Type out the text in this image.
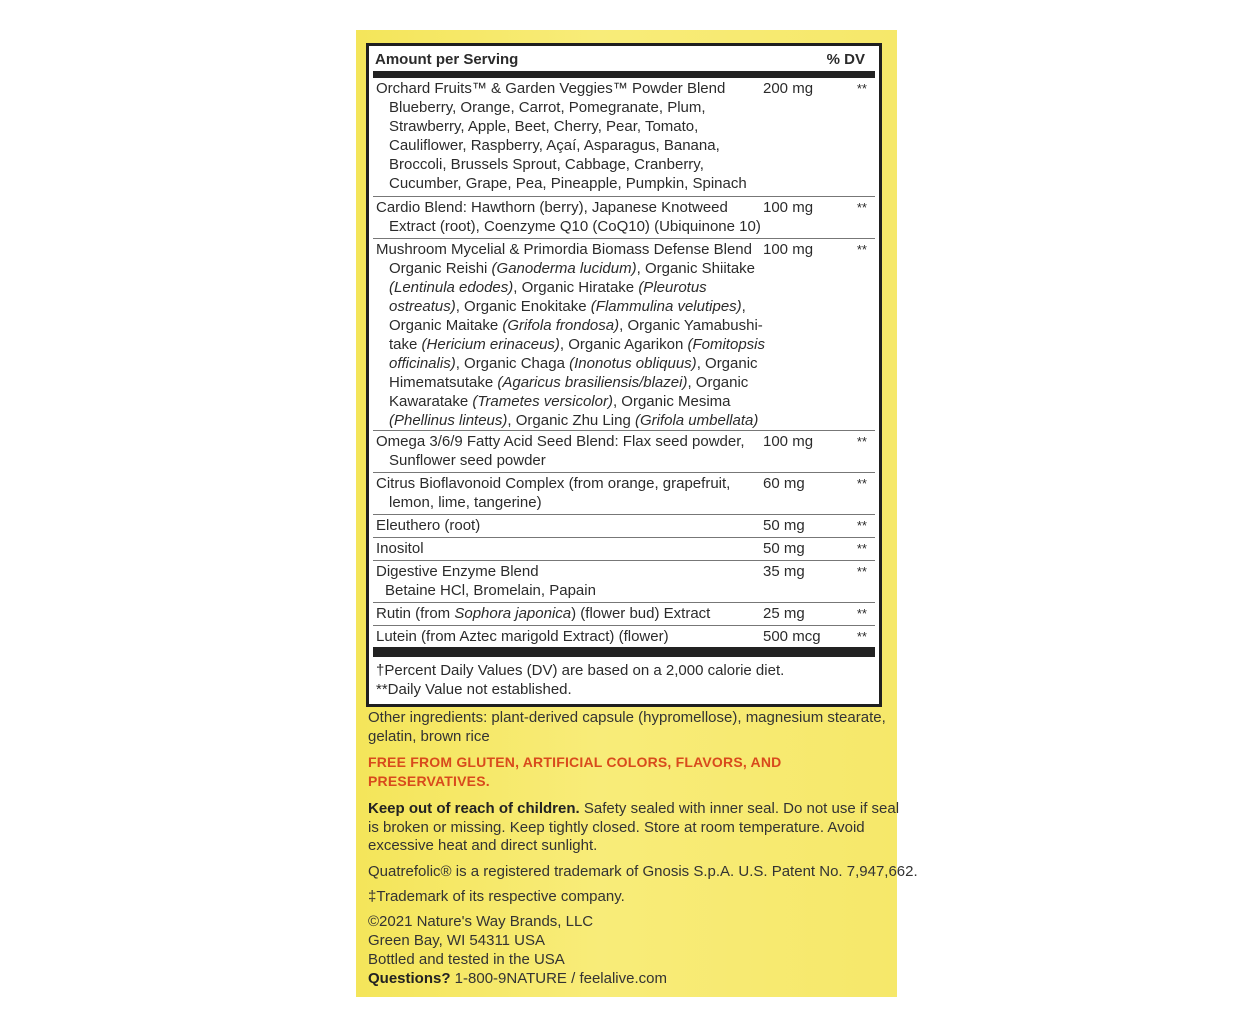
Amount per Serving	% DV
Orchard Fruits™ & Garden Veggies™ Powder Blend
Blueberry, Orange, Carrot, Pomegranate, Plum,
Strawberry, Apple, Beet, Cherry, Pear, Tomato,
Cauliflower, Raspberry, Açaí, Asparagus, Banana,
Broccoli, Brussels Sprout, Cabbage, Cranberry,
Cucumber, Grape, Pea, Pineapple, Pumpkin, Spinach
200 mg	**
Cardio Blend: Hawthorn (berry), Japanese Knotweed
Extract (root), Coenzyme Q10 (CoQ10) (Ubiquinone 10)
100 mg	**
Mushroom Mycelial & Primordia Biomass Defense Blend
Organic Reishi (Ganoderma lucidum), Organic Shiitake
(Lentinula edodes), Organic Hiratake (Pleurotus
ostreatus), Organic Enokitake (Flammulina velutipes),
Organic Maitake (Grifola frondosa), Organic Yamabushi-
take (Hericium erinaceus), Organic Agarikon (Fomitopsis
officinalis), Organic Chaga (Inonotus obliquus), Organic
Himematsutake (Agaricus brasiliensis/blazei), Organic
Kawaratake (Trametes versicolor), Organic Mesima
(Phellinus linteus), Organic Zhu Ling (Grifola umbellata)
100 mg	**
Omega 3/6/9 Fatty Acid Seed Blend: Flax seed powder,
Sunflower seed powder
100 mg	**
Citrus Bioflavonoid Complex (from orange, grapefruit,
lemon, lime, tangerine)
60 mg	**
Eleuthero (root)	50 mg	**
Inositol	50 mg	**
Digestive Enzyme Blend
Betaine HCl, Bromelain, Papain
35 mg	**
Rutin (from Sophora japonica) (flower bud) Extract	25 mg	**
Lutein (from Aztec marigold Extract) (flower)	500 mcg	**
†Percent Daily Values (DV) are based on a 2,000 calorie diet.
**Daily Value not established.
Other ingredients: plant-derived capsule (hypromellose), magnesium stearate,
gelatin, brown rice
FREE FROM GLUTEN, ARTIFICIAL COLORS, FLAVORS, AND
PRESERVATIVES.
Keep out of reach of children. Safety sealed with inner seal. Do not use if seal
is broken or missing. Keep tightly closed. Store at room temperature. Avoid
excessive heat and direct sunlight.
Quatrefolic® is a registered trademark of Gnosis S.p.A. U.S. Patent No. 7,947,662.
‡Trademark of its respective company.
©2021 Nature's Way Brands, LLC
Green Bay, WI 54311 USA
Bottled and tested in the USA
Questions? 1-800-9NATURE / feelalive.com
